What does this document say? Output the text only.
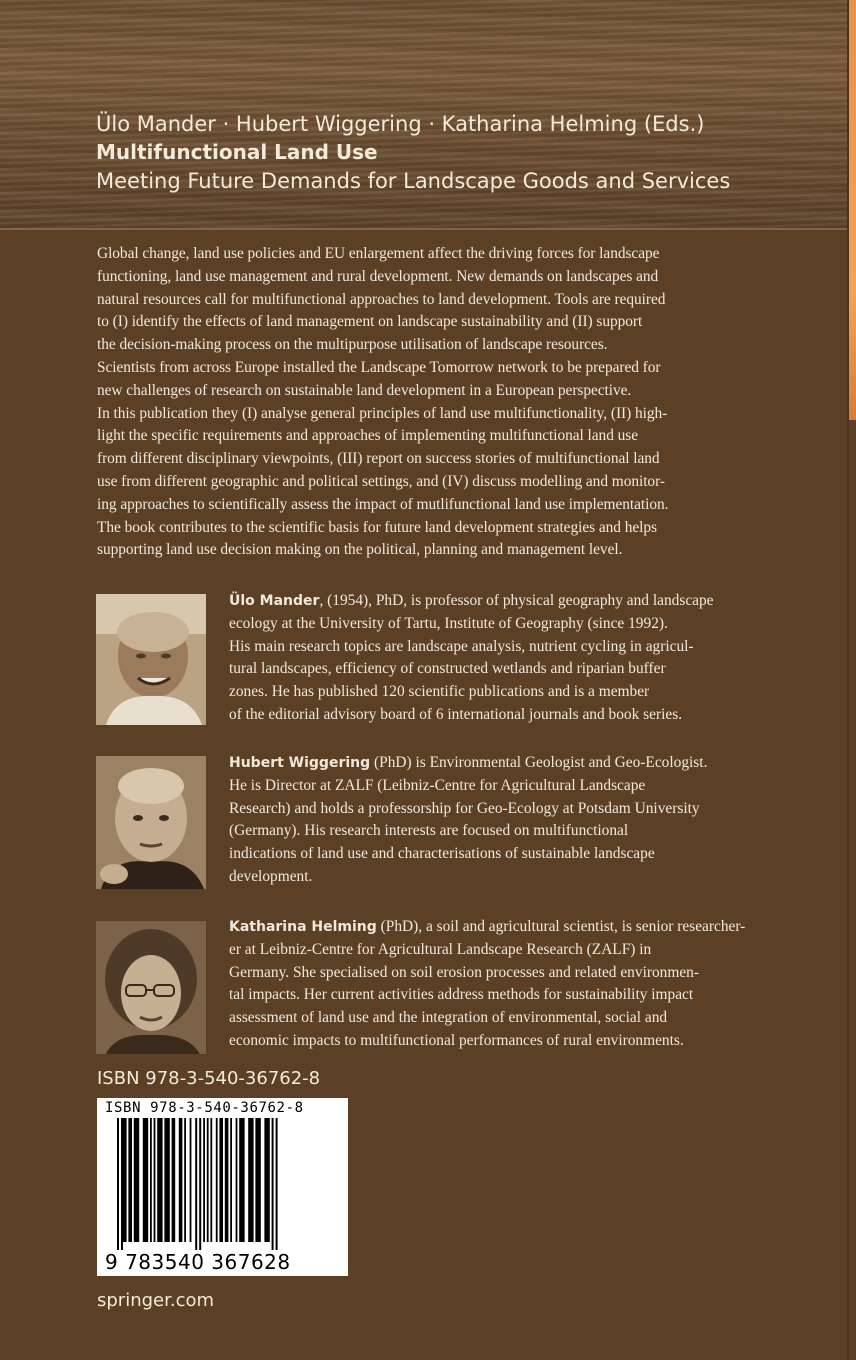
Ülo Mander · Hubert Wiggering · Katharina Helming (Eds.)
Multifunctional Land Use
Meeting Future Demands for Landscape Goods and Services

Global change, land use policies and EU enlargement affect the driving forces for landscape

functioning, land use management and rural development. New demands on landscapes and

natural resources call for multifunctional approaches to land development. Tools are required

to (I) identify the effects of land management on landscape sustainability and (II) support

the decision-making process on the multipurpose utilisation of landscape resources.

Scientists from across Europe installed the Landscape Tomorrow network to be prepared for

new challenges of research on sustainable land development in a European perspective.

In this publication they (I) analyse general principles of land use multifunctionality, (II) high-

light the specific requirements and approaches of implementing multifunctional land use

from different disciplinary viewpoints, (III) report on success stories of multifunctional land

use from different geographic and political settings, and (IV) discuss modelling and monitor-

ing approaches to scientifically assess the impact of mutlifunctional land use implementation.

The book contributes to the scientific basis for future land development strategies and helps

supporting land use decision making on the political, planning and management level.

Ülo Mander, (1954), PhD, is professor of physical geography and landscape

ecology at the University of Tartu, Institute of Geography (since 1992).

His main research topics are landscape analysis, nutrient cycling in agricul-

tural landscapes, efficiency of constructed wetlands and riparian buffer

zones. He has published 120 scientific publications and is a member

of the editorial advisory board of 6 international journals and book series.

Hubert Wiggering (PhD) is Environmental Geologist and Geo-Ecologist.

He is Director at ZALF (Leibniz-Centre for Agricultural Landscape

Research) and holds a professorship for Geo-Ecology at Potsdam University

(Germany). His research interests are focused on multifunctional

indications of land use and characterisations of sustainable landscape

development.

Katharina Helming (PhD), a soil and agricultural scientist, is senior researcher-

er at Leibniz-Centre for Agricultural Landscape Research (ZALF) in

Germany. She specialised on soil erosion processes and related environmen-

tal impacts. Her current activities address methods for sustainability impact

assessment of land use and the integration of environmental, social and

economic impacts to multifunctional performances of rural environments.

ISBN 978-3-540-36762-8
ISBN 978-3-540-36762-8
9 783540 367628
springer.com
